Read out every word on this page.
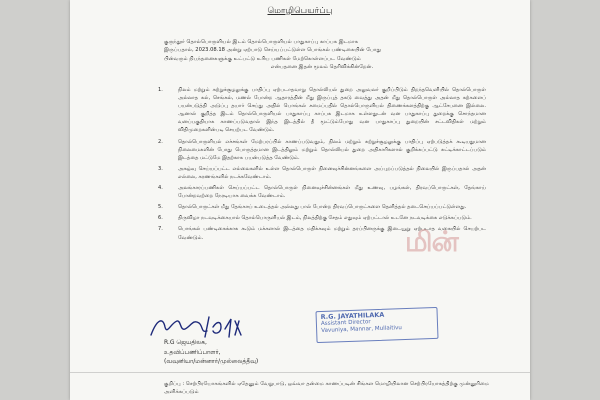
மொழிபெயர்ப்பு
குருந்தூர் தொல்பொருளியல் இடம் தொல்பொருளியல் பாதுகாப்பு காப்பக இடமாக
இருப்பதால், 2023.08.18 அன்று ஏற்பாடு செய்யப்பட்டுள்ள பொங்கல் பண்டிகையின் போது
பின்வரும் நிபந்தனைகளுக்கு உட்பட்டு உரிய பணிகள் மேற்கொள்ளப்பட வேண்டும்
என்பதனை இதன் மூலம் தெரிவிக்கின்றேன்.
1.	நிலம் மற்றும் சுற்றுச்சூழலுக்கு பாதிப்பு ஏற்படாதவாறு தொல்லியல் துறை அலுவலர் குறிப்பிடும் திறந்தவெளியில் தொல்பொருள் அல்லாத கல், செங்கல், மணல் போன்ற ஆதாரத்தின் மீது இருப்புத் தகடு வைத்து அதன் மீது தொல்பொருள் அல்லாத கற்களைப் பயன்படுத்தி அடுப்பு தயார் செய்து அதில் பொங்கல் சமைப்பதில் தொல்பொருளியல் திணைக்களத்திற்கு ஆட்சேபனை இல்லை. ஆனால் குறித்த இடம் தொல்பொருளியல் பாதுகாப்பு காப்பக இடமாக உள்ளதுடன் வன பாதுகாப்பு துறைக்கு சொந்தமான வனப்பகுதியாக காணப்படுவதால் இந்த இடத்தில் தீ மூட்டும்போது வன பாதுகாப்பு துறையின் சட்டவிதிகள் மற்றும் விதிமுறைகளின்படி செயற்பட வேண்டும்.
2.	தொல்பொருளியல் எச்சங்கள் மேற்பரப்பில் காணப்படுவதும், நிலம் மற்றும் சுற்றுச்சூழலுக்கு பாதிப்பு ஏற்படுத்தக் கூடியதுமான நிலைமைகளின் போது பொருத்தமான இடத்திலும் மற்றும் தொல்லியல் துறை அதிகாரிகளால் குறிக்கப்பட்டு சுட்டிக்காட்டப்படும் இடத்தை மட்டுமே இதற்காக பயன்படுத்த வேண்டும்.
3.	அகழ்வு செய்யப்பட்ட எல்லைகளில் உள்ள தொல்பொருள் நினைவுச்சின்னங்களை அப்புறப்படுத்தல் நிலையில் இருப்பதால் அதன் எல்லை, கரணங்களில் நடக்கவேண்டாம்.
4.	அலங்காரப்பணிகள் செய்யப்பட்ட தொல்பொருள் நினைவுச்சின்னங்கள் மீது உணவு, பழங்கள், திரவப்பொருட்கள், தேங்காய் போன்றவற்றை நேரடியாக வைக்க வேண்டாம்.
5.	தொல்பொருட்கள் மீது தேங்காய் உடைத்தல் அல்லது பால் போன்ற திரவப்பொருட்களை தெளித்தல் தடைசெய்யப்பட்டுள்ளது.
6.	திருவிழா நடவடிக்கையால் தொல்பொருளியல் இடம், நிலத்திற்கு சேதம் எதுவும் ஏற்பட்டால் உடனே நடவடிக்கை எடுக்கப்படும்.
7.	பொங்கல் பண்டிகைக்காக கூடும் மக்களால் இடத்தை மதிக்கவும் மற்றும் தரப்பினருக்கு இடையூறு ஏற்படாத வகையில் செயற்பட வேண்டும்.
R.G ஜெயதிலக,
உதவிப்பணிப்பாளர்,
(வவுனியா/மன்னார்/முல்லைத்தீவு)
R.G. JAYATHILAKA
Assistant Director
Vavuniya, Mannar, Mullaitivu
மின்
குறிப்பு : செற்பிரயோகங்களில் ஏதேனும் வேறுபாடு, ஒவ்வா தன்மை காணப்படின் சிங்கள மொழியிலான செற்பிரயோகத்திற்கு முன்னுரிமை அளிக்கப்படும்
